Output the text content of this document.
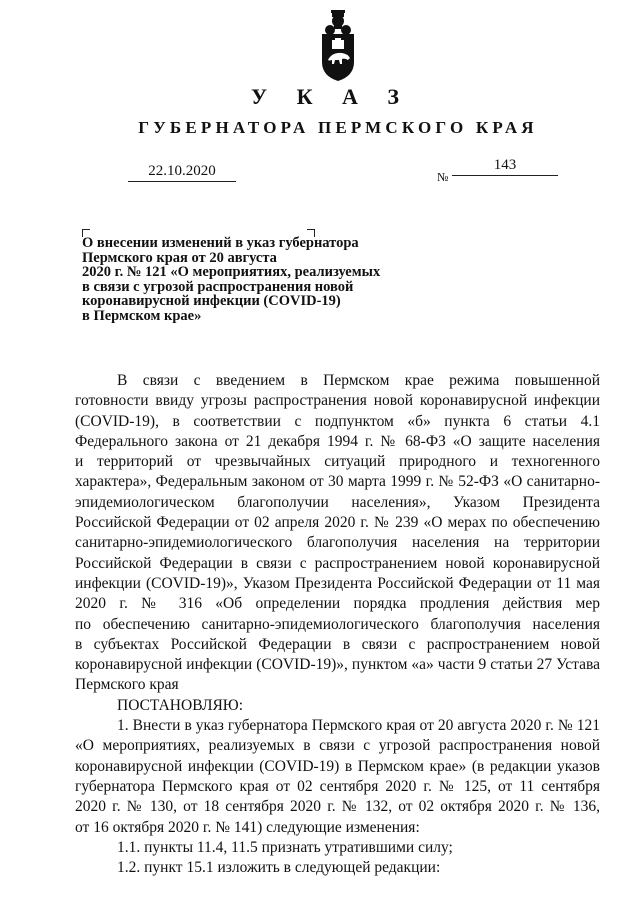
У К А З
ГУБЕРНАТОРА ПЕРМСКОГО КРАЯ
22.10.2020	№
143
О внесении изменений в указ губернатора
Пермского края от 20 августа
2020 г. № 121 «О мероприятиях, реализуемых
в связи с угрозой распространения новой
коронавирусной инфекции (COVID-19)
в Пермском крае»
В связи с введением в Пермском крае режима повышенной
готовности ввиду угрозы распространения новой коронавирусной инфекции
(COVID-19), в соответствии с подпунктом «б» пункта 6 статьи 4.1
Федерального закона от 21 декабря 1994 г. № 68-ФЗ «О защите населения
и территорий от чрезвычайных ситуаций природного и техногенного
характера», Федеральным законом от 30 марта 1999 г. № 52-ФЗ «О санитарно-
эпидемиологическом благополучии населения», Указом Президента
Российской Федерации от 02 апреля 2020 г. № 239 «О мерах по обеспечению
санитарно-эпидемиологического благополучия населения на территории
Российской Федерации в связи с распространением новой коронавирусной
инфекции (COVID-19)», Указом Президента Российской Федерации от 11 мая
2020 г. № 316 «Об определении порядка продления действия мер
по обеспечению санитарно-эпидемиологического благополучия населения
в субъектах Российской Федерации в связи с распространением новой
коронавирусной инфекции (COVID-19)», пунктом «а» части 9 статьи 27 Устава
Пермского края
ПОСТАНОВЛЯЮ:
1. Внести в указ губернатора Пермского края от 20 августа 2020 г. № 121
«О мероприятиях, реализуемых в связи с угрозой распространения новой
коронавирусной инфекции (COVID-19) в Пермском крае» (в редакции указов
губернатора Пермского края от 02 сентября 2020 г. № 125, от 11 сентября
2020 г. № 130, от 18 сентября 2020 г. № 132, от 02 октября 2020 г. № 136,
от 16 октября 2020 г. № 141) следующие изменения:
1.1. пункты 11.4, 11.5 признать утратившими силу;
1.2. пункт 15.1 изложить в следующей редакции:
